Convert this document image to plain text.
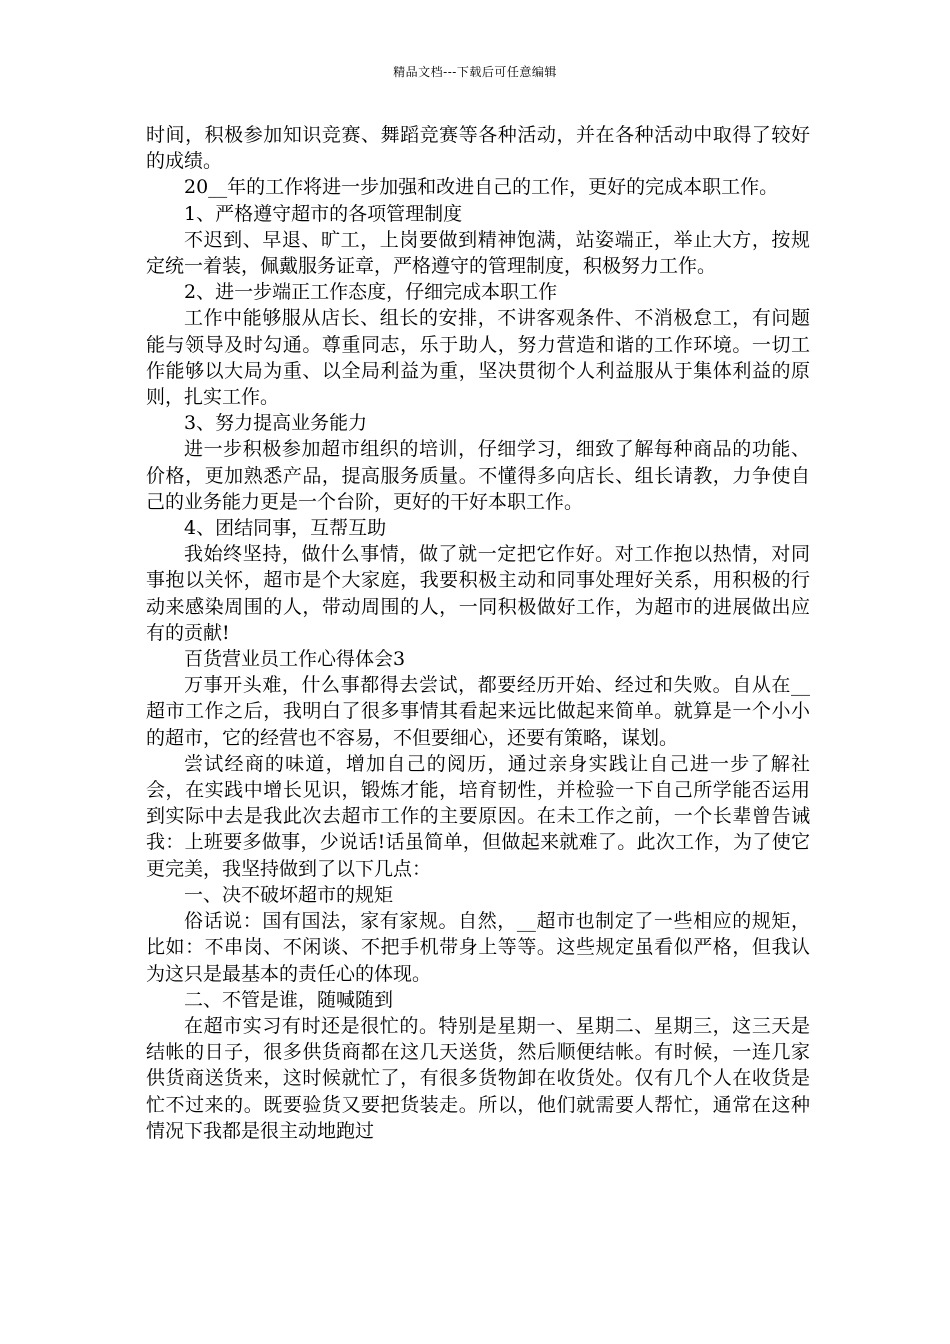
精品文档---下载后可任意编辑

时间，积极参加知识竞赛、舞蹈竞赛等各种活动，并在各种活动中取得了较好的成绩。

20__年的工作将进一步加强和改进自己的工作，更好的完成本职工作。

1、严格遵守超市的各项管理制度

不迟到、早退、旷工，上岗要做到精神饱满，站姿端正，举止大方，按规定统一着装，佩戴服务证章，严格遵守的管理制度，积极努力工作。

2、进一步端正工作态度，仔细完成本职工作

工作中能够服从店长、组长的安排，不讲客观条件、不消极怠工，有问题能与领导及时勾通。尊重同志，乐于助人，努力营造和谐的工作环境。一切工作能够以大局为重、以全局利益为重，坚决贯彻个人利益服从于集体利益的原则，扎实工作。

3、努力提高业务能力

进一步积极参加超市组织的培训，仔细学习，细致了解每种商品的功能、价格，更加熟悉产品，提高服务质量。不懂得多向店长、组长请教，力争使自己的业务能力更是一个台阶，更好的干好本职工作。

4、团结同事，互帮互助

我始终坚持，做什么事情，做了就一定把它作好。对工作抱以热情，对同事抱以关怀，超市是个大家庭，我要积极主动和同事处理好关系，用积极的行动来感染周围的人，带动周围的人，一同积极做好工作，为超市的进展做出应有的贡献!

百货营业员工作心得体会3

万事开头难，什么事都得去尝试，都要经历开始、经过和失败。自从在__超市工作之后，我明白了很多事情其看起来远比做起来简单。就算是一个小小的超市，它的经营也不容易，不但要细心，还要有策略，谋划。

尝试经商的味道，增加自己的阅历，通过亲身实践让自己进一步了解社会，在实践中增长见识，锻炼才能，培育韧性，并检验一下自己所学能否运用到实际中去是我此次去超市工作的主要原因。在未工作之前，一个长辈曾告诫我：上班要多做事，少说话!话虽简单，但做起来就难了。此次工作，为了使它更完美，我坚持做到了以下几点：

一、决不破坏超市的规矩

俗话说：国有国法，家有家规。自然，__超市也制定了一些相应的规矩，比如：不串岗、不闲谈、不把手机带身上等等。这些规定虽看似严格，但我认为这只是最基本的责任心的体现。

二、不管是谁，随喊随到

在超市实习有时还是很忙的。特别是星期一、星期二、星期三，这三天是结帐的日子，很多供货商都在这几天送货，然后顺便结帐。有时候，一连几家供货商送货来，这时候就忙了，有很多货物卸在收货处。仅有几个人在收货是忙不过来的。既要验货又要把货装走。所以，他们就需要人帮忙，通常在这种情况下我都是很主动地跑过
